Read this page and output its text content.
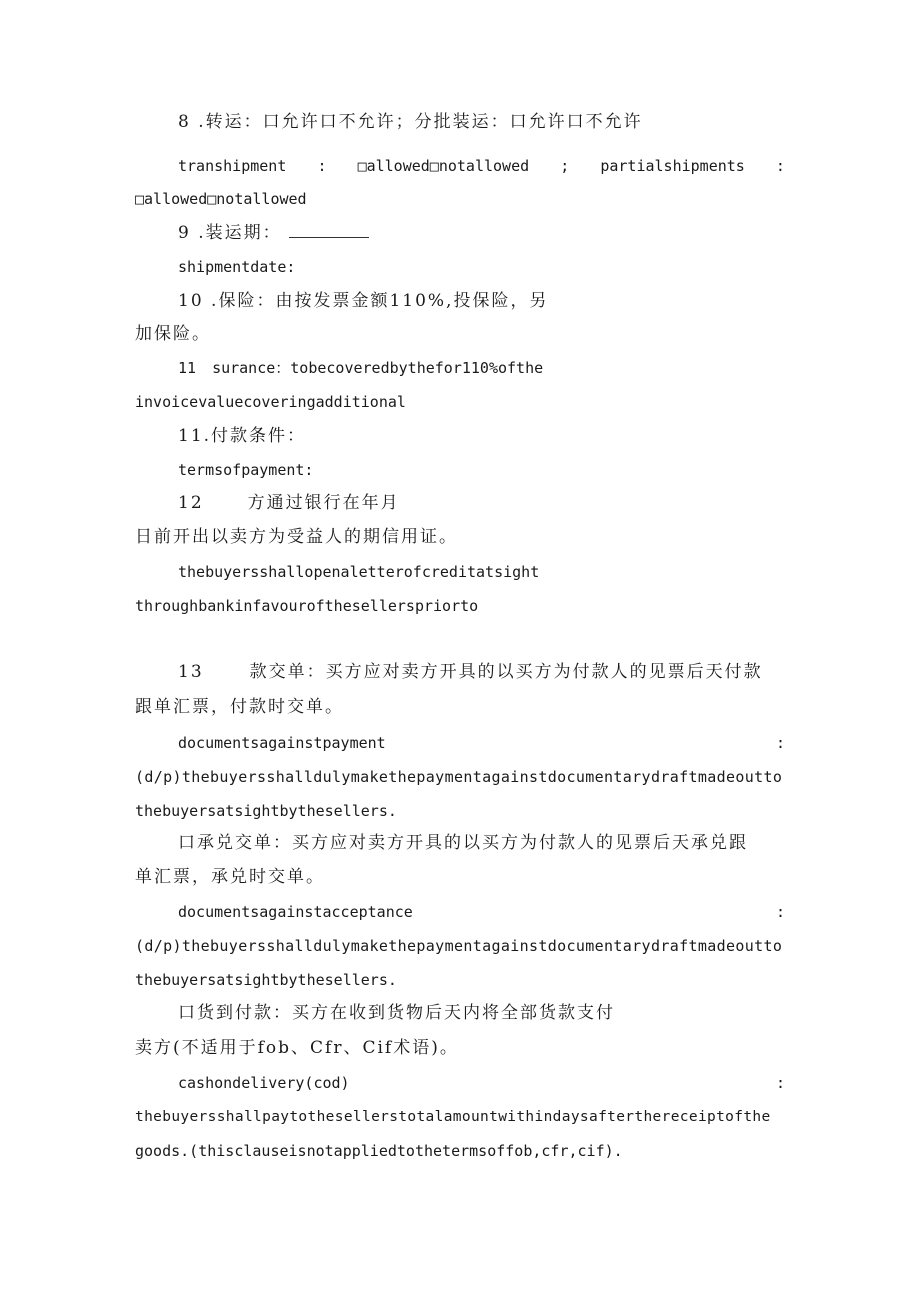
8 .转运：口允许口不允许；分批装运：口允许口不允许
transhipment : □allowed□notallowed ; partialshipments :
□allowed□notallowed
9 .装运期：
shipmentdate:
10 .保险：由按发票金额110%,投保险，另
加保险。
11 surance：tobecoveredbythefor110%ofthe
invoicevaluecoveringadditional
11.付款条件：
termsofpayment:
12	方通过银行在年月
日前开出以卖方为受益人的期信用证。
thebuyersshallopenaletterofcreditatsight
throughbankinfavourofthesellerspriorto
13	款交单：买方应对卖方开具的以买方为付款人的见票后天付款
跟单汇票，付款时交单。
documentsagainstpayment	:
(d/p)thebuyersshalldulymakethepaymentagainstdocumentarydraftmadeoutto
thebuyersatsightbythesellers.
口承兑交单：买方应对卖方开具的以买方为付款人的见票后天承兑跟
单汇票，承兑时交单。
documentsagainstacceptance	:
(d/p)thebuyersshalldulymakethepaymentagainstdocumentarydraftmadeoutto
thebuyersatsightbythesellers.
口货到付款：买方在收到货物后天内将全部货款支付
卖方(不适用于fob、Cfr、Cif术语)。
cashondelivery(cod)	:
thebuyersshallpaytothesellerstotalamountwithindaysafterthereceiptofthe
goods.(thisclauseisnotappliedtothetermsoffob,cfr,cif).
